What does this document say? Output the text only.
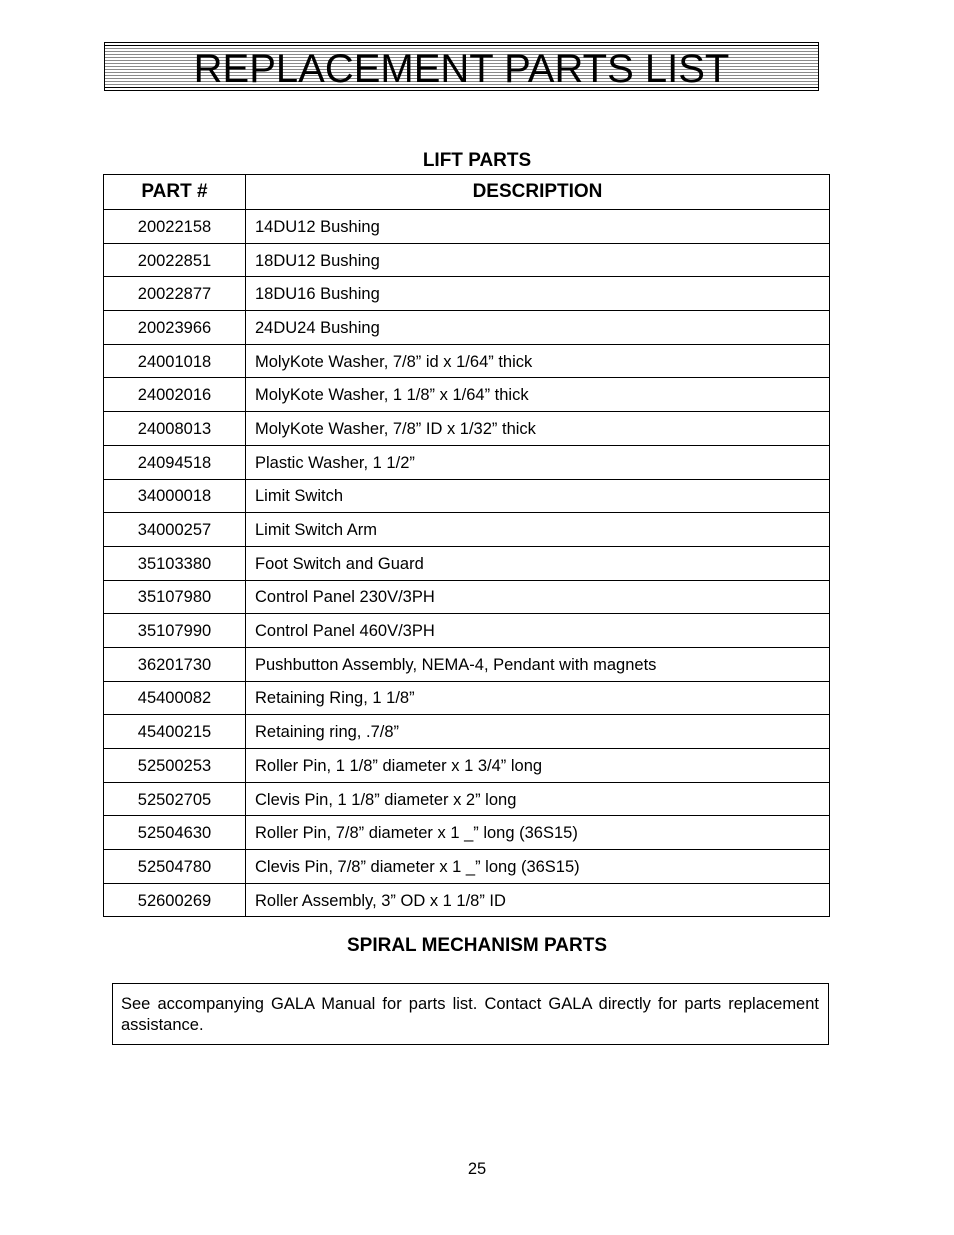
REPLACEMENT PARTS LIST
LIFT PARTS
PART #	DESCRIPTION
20022158	14DU12 Bushing
20022851	18DU12 Bushing
20022877	18DU16 Bushing
20023966	24DU24 Bushing
24001018	MolyKote Washer, 7/8” id x 1/64” thick
24002016	MolyKote Washer, 1 1/8” x 1/64” thick
24008013	MolyKote Washer, 7/8” ID x 1/32” thick
24094518	Plastic Washer, 1 1/2”
34000018	Limit Switch
34000257	Limit Switch Arm
35103380	Foot Switch and Guard
35107980	Control Panel 230V/3PH
35107990	Control Panel 460V/3PH
36201730	Pushbutton Assembly, NEMA-4, Pendant with magnets
45400082	Retaining Ring, 1 1/8”
45400215	Retaining ring, .7/8”
52500253	Roller Pin, 1 1/8” diameter x 1 3/4” long
52502705	Clevis Pin, 1 1/8” diameter x 2” long
52504630	Roller Pin, 7/8” diameter x 1 _” long (36S15)
52504780	Clevis Pin, 7/8” diameter x 1 _” long (36S15)
52600269	Roller Assembly, 3” OD x 1 1/8” ID
SPIRAL MECHANISM PARTS
See accompanying GALA Manual for parts list. Contact GALA directly for parts replacement assistance.
25
